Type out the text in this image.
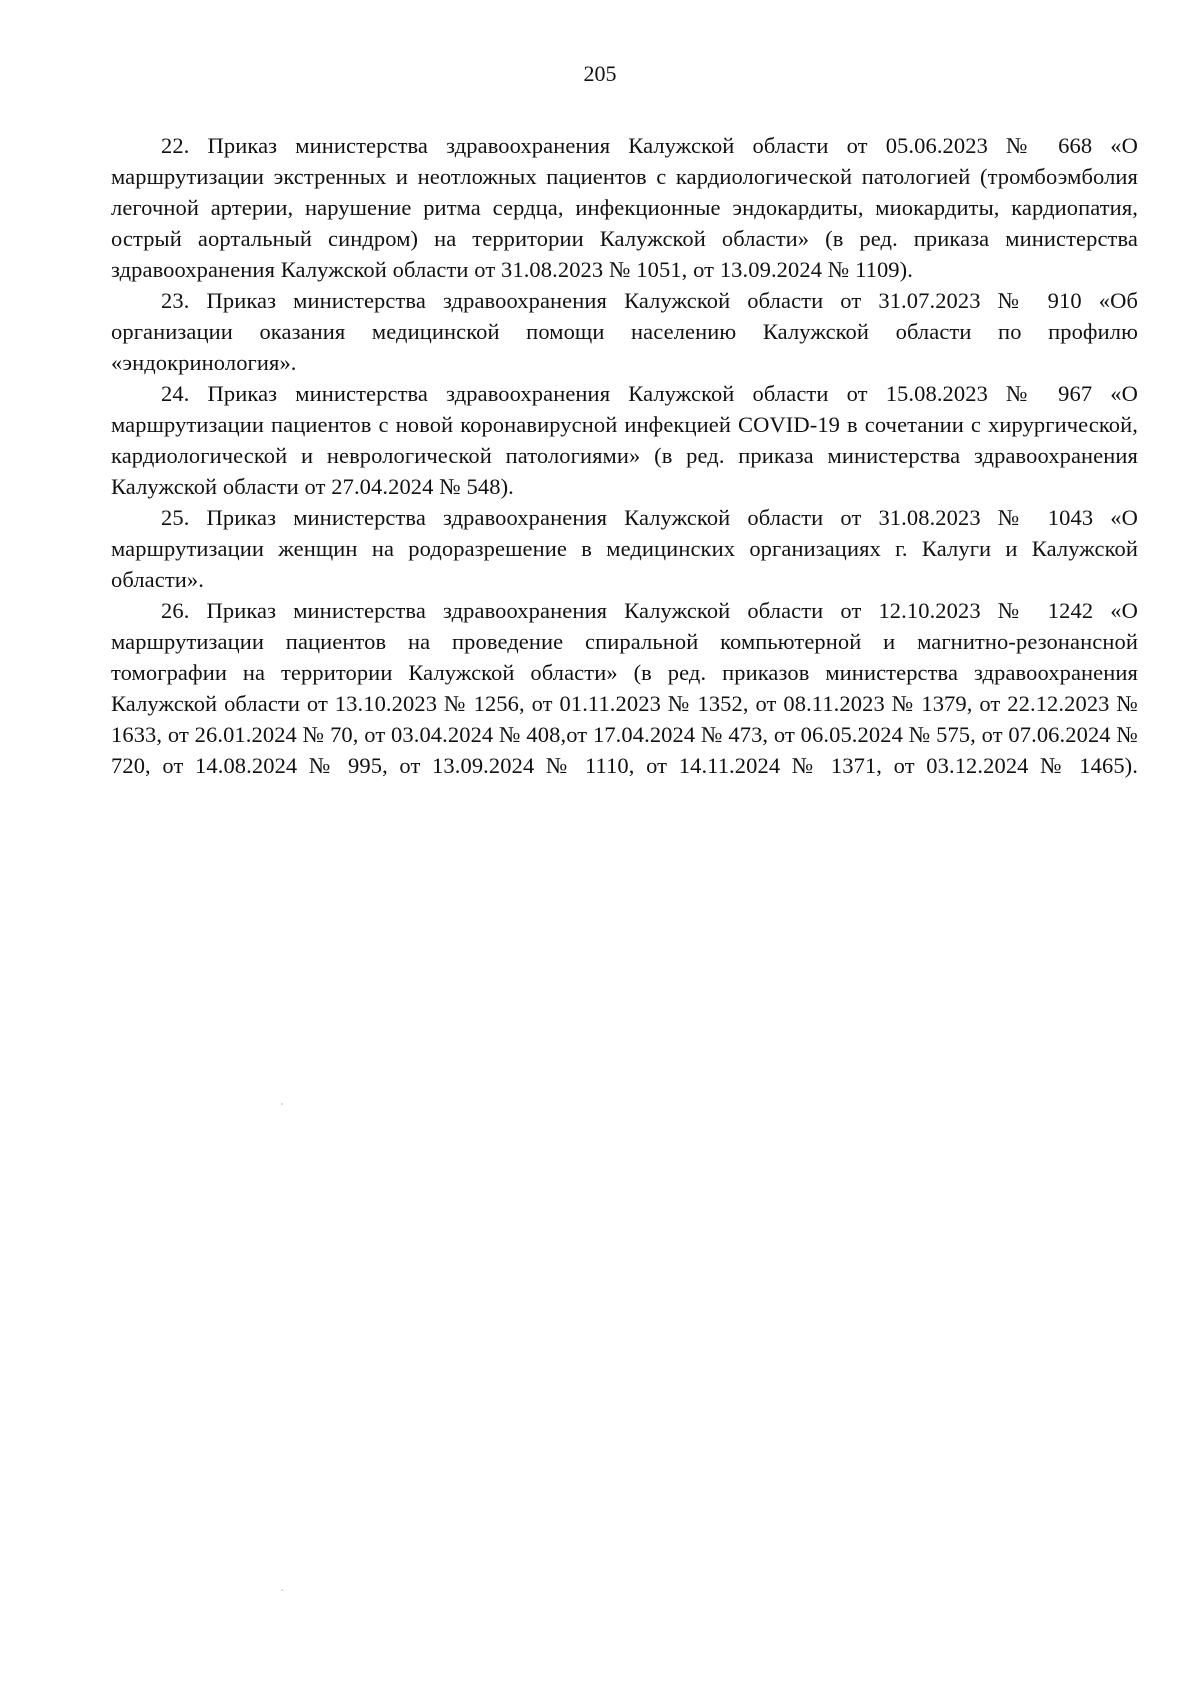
205

22. Приказ министерства здравоохранения Калужской области от 05.06.2023 № 668 «О маршрутизации экстренных и неотложных пациентов с кардиологической патологией (тромбоэмболия легочной артерии, нарушение ритма сердца, инфекционные эндокардиты, миокардиты, кардиопатия, острый аортальный синдром) на территории Калужской области» (в ред. приказа министерства здравоохранения Калужской области от 31.08.2023 № 1051, от 13.09.2024 № 1109).

23. Приказ министерства здравоохранения Калужской области от 31.07.2023 № 910 «Об организации оказания медицинской помощи населению Калужской области по профилю «эндокринология».

24. Приказ министерства здравоохранения Калужской области от 15.08.2023 № 967 «О маршрутизации пациентов с новой коронавирусной инфекцией COVID-19 в сочетании с хирургической, кардиологической и неврологической патологиями» (в ред. приказа министерства здравоохранения Калужской области от 27.04.2024 № 548).

25. Приказ министерства здравоохранения Калужской области от 31.08.2023 № 1043 «О маршрутизации женщин на родоразрешение в медицинских организациях г. Калуги и Калужской области».

26. Приказ министерства здравоохранения Калужской области от 12.10.2023 № 1242 «О маршрутизации пациентов на проведение спиральной компьютерной и магнитно-резонансной томографии на территории Калужской области» (в ред. приказов министерства здравоохранения Калужской области от 13.10.2023 № 1256, от 01.11.2023 № 1352, от 08.11.2023 № 1379, от 22.12.2023 № 1633, от 26.01.2024 № 70, от 03.04.2024 № 408,от 17.04.2024 № 473, от 06.05.2024 № 575, от 07.06.2024 № 720, от 14.08.2024 № 995, от 13.09.2024 № 1110, от 14.11.2024 № 1371, от 03.12.2024 № 1465).
